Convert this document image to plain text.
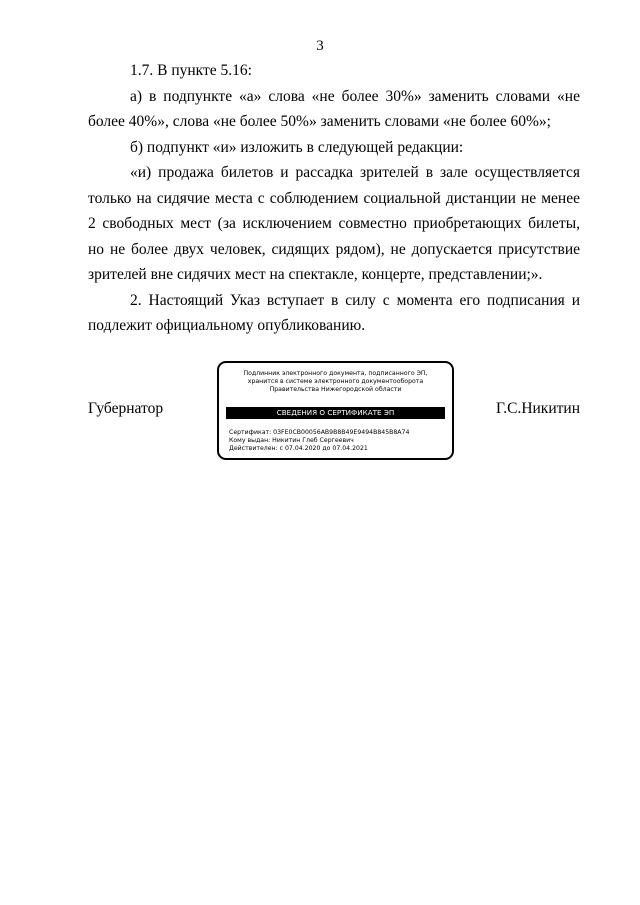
3

1.7. В пункте 5.16:

а) в подпункте «а» слова «не более 30%» заменить словами «не более 40%», слова «не более 50%» заменить словами «не более 60%»;

б) подпункт «и» изложить в следующей редакции:

«и) продажа билетов и рассадка зрителей в зале осуществляется только на сидячие места с соблюдением социальной дистанции не менее 2 свободных мест (за исключением совместно приобретающих билеты, но не более двух человек, сидящих рядом), не допускается присутствие зрителей вне сидячих мест на спектакле, концерте, представлении;».

2. Настоящий Указ вступает в силу с момента его подписания и подлежит официальному опубликованию.

Губернатор
Подлинник электронного документа, подписанного ЭП,
хранится в системе электронного документооборота
Правительства Нижегородской области
СВЕДЕНИЯ О СЕРТИФИКАТЕ ЭП
Сертификат: 03FE0CB00056AB9B8B49E9494B845B8A74
Кому выдан: Никитин Глеб Сергеевич
Действителен: с 07.04.2020 до 07.04.2021
Г.С.Никитин
